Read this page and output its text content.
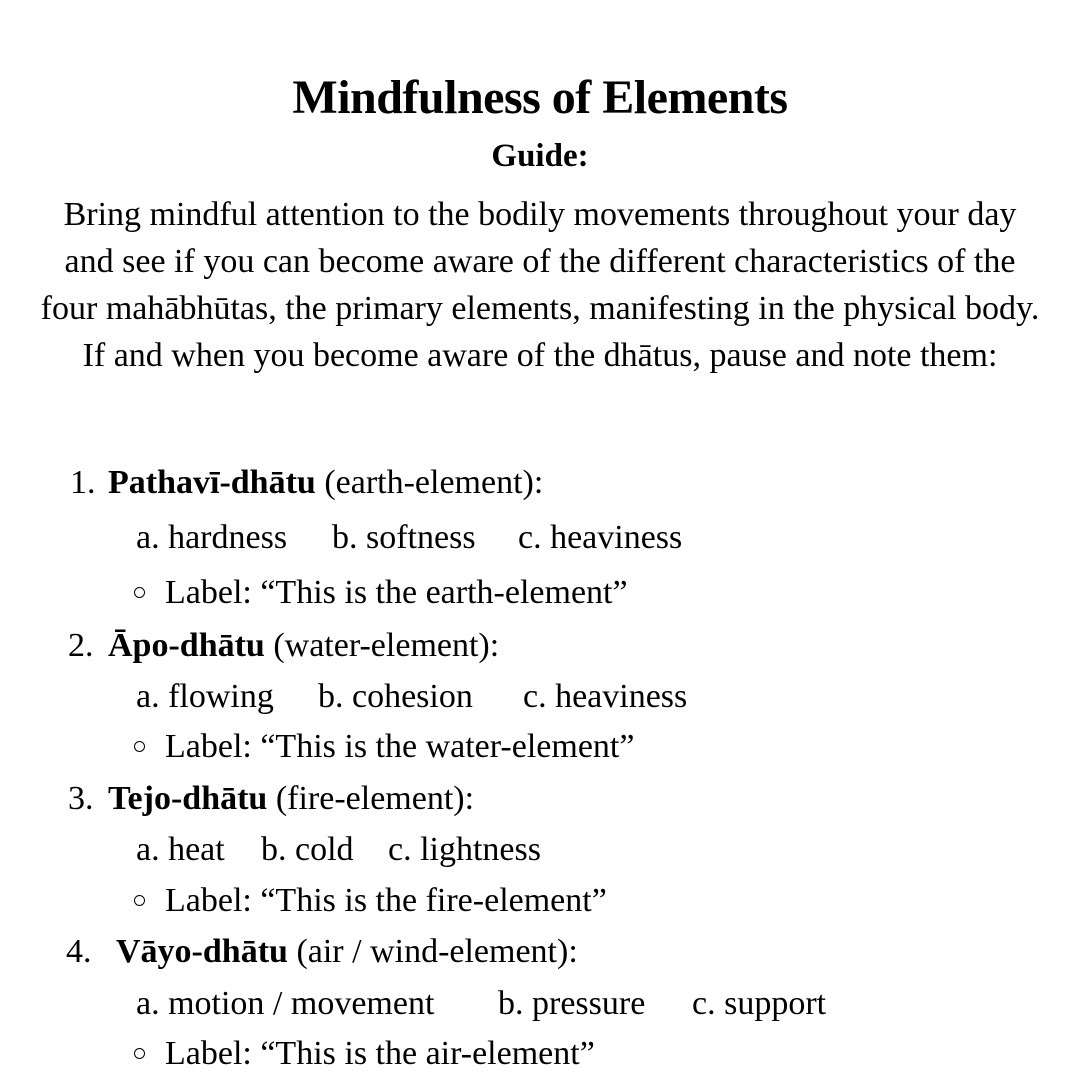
Mindfulness of Elements
Guide:

Bring mindful attention to the bodily movements throughout your day and see if you can become aware of the different characteristics of the four mahābhūtas, the primary elements, manifesting in the physical body. If and when you become aware of the dhātus, pause and note them:

1. Pathavī-dhātu (earth-element):
a. hardness b. softness c. heaviness
Label: “This is the earth-element”
2. Āpo-dhātu (water-element):
a. flowing b. cohesion c. heaviness
Label: “This is the water-element”
3. Tejo-dhātu (fire-element):
a. heat b. cold c. lightness
Label: “This is the fire-element”
4. Vāyo-dhātu (air / wind-element):
a. motion / movement b. pressure c. support
Label: “This is the air-element”
